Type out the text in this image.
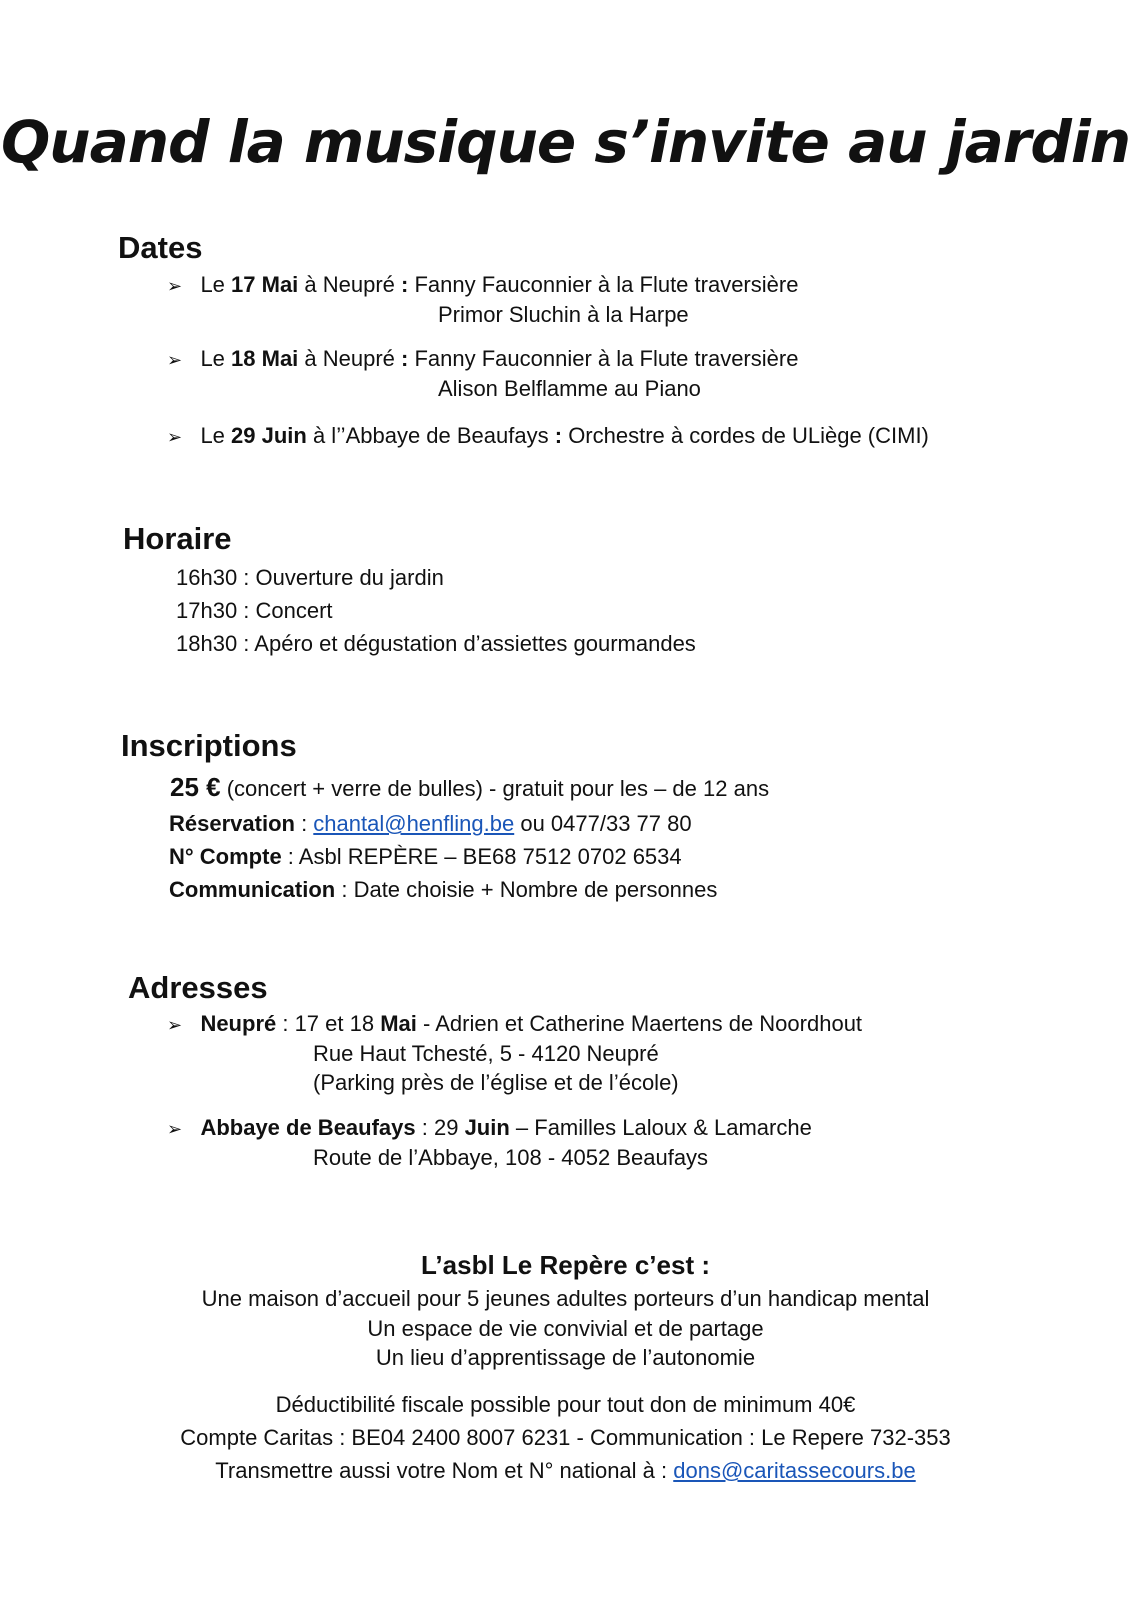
Quand la musique s’invite au jardin
Dates
➢ Le 17 Mai à Neupré : Fanny Fauconnier à la Flute traversière
Primor Sluchin à la Harpe
➢ Le 18 Mai à Neupré : Fanny Fauconnier à la Flute traversière
Alison Belflamme au Piano
➢ Le 29 Juin à l’’Abbaye de Beaufays : Orchestre à cordes de ULiège (CIMI)
Horaire
16h30 : Ouverture du jardin
17h30 : Concert
18h30 : Apéro et dégustation d’assiettes gourmandes
Inscriptions
25 € (concert + verre de bulles) - gratuit pour les – de 12 ans
Réservation : chantal@henfling.be ou 0477/33 77 80
N° Compte : Asbl REPÈRE – BE68 7512 0702 6534
Communication : Date choisie + Nombre de personnes
Adresses
➢ Neupré : 17 et 18 Mai - Adrien et Catherine Maertens de Noordhout
Rue Haut Tchesté, 5 - 4120 Neupré
(Parking près de l’église et de l’école)
➢ Abbaye de Beaufays : 29 Juin – Familles Laloux & Lamarche
Route de l’Abbaye, 108 - 4052 Beaufays
L’asbl Le Repère c’est :
Une maison d’accueil pour 5 jeunes adultes porteurs d’un handicap mental
Un espace de vie convivial et de partage
Un lieu d’apprentissage de l’autonomie
Déductibilité fiscale possible pour tout don de minimum 40€
Compte Caritas : BE04 2400 8007 6231 - Communication : Le Repere 732-353
Transmettre aussi votre Nom et N° national à : dons@caritassecours.be
